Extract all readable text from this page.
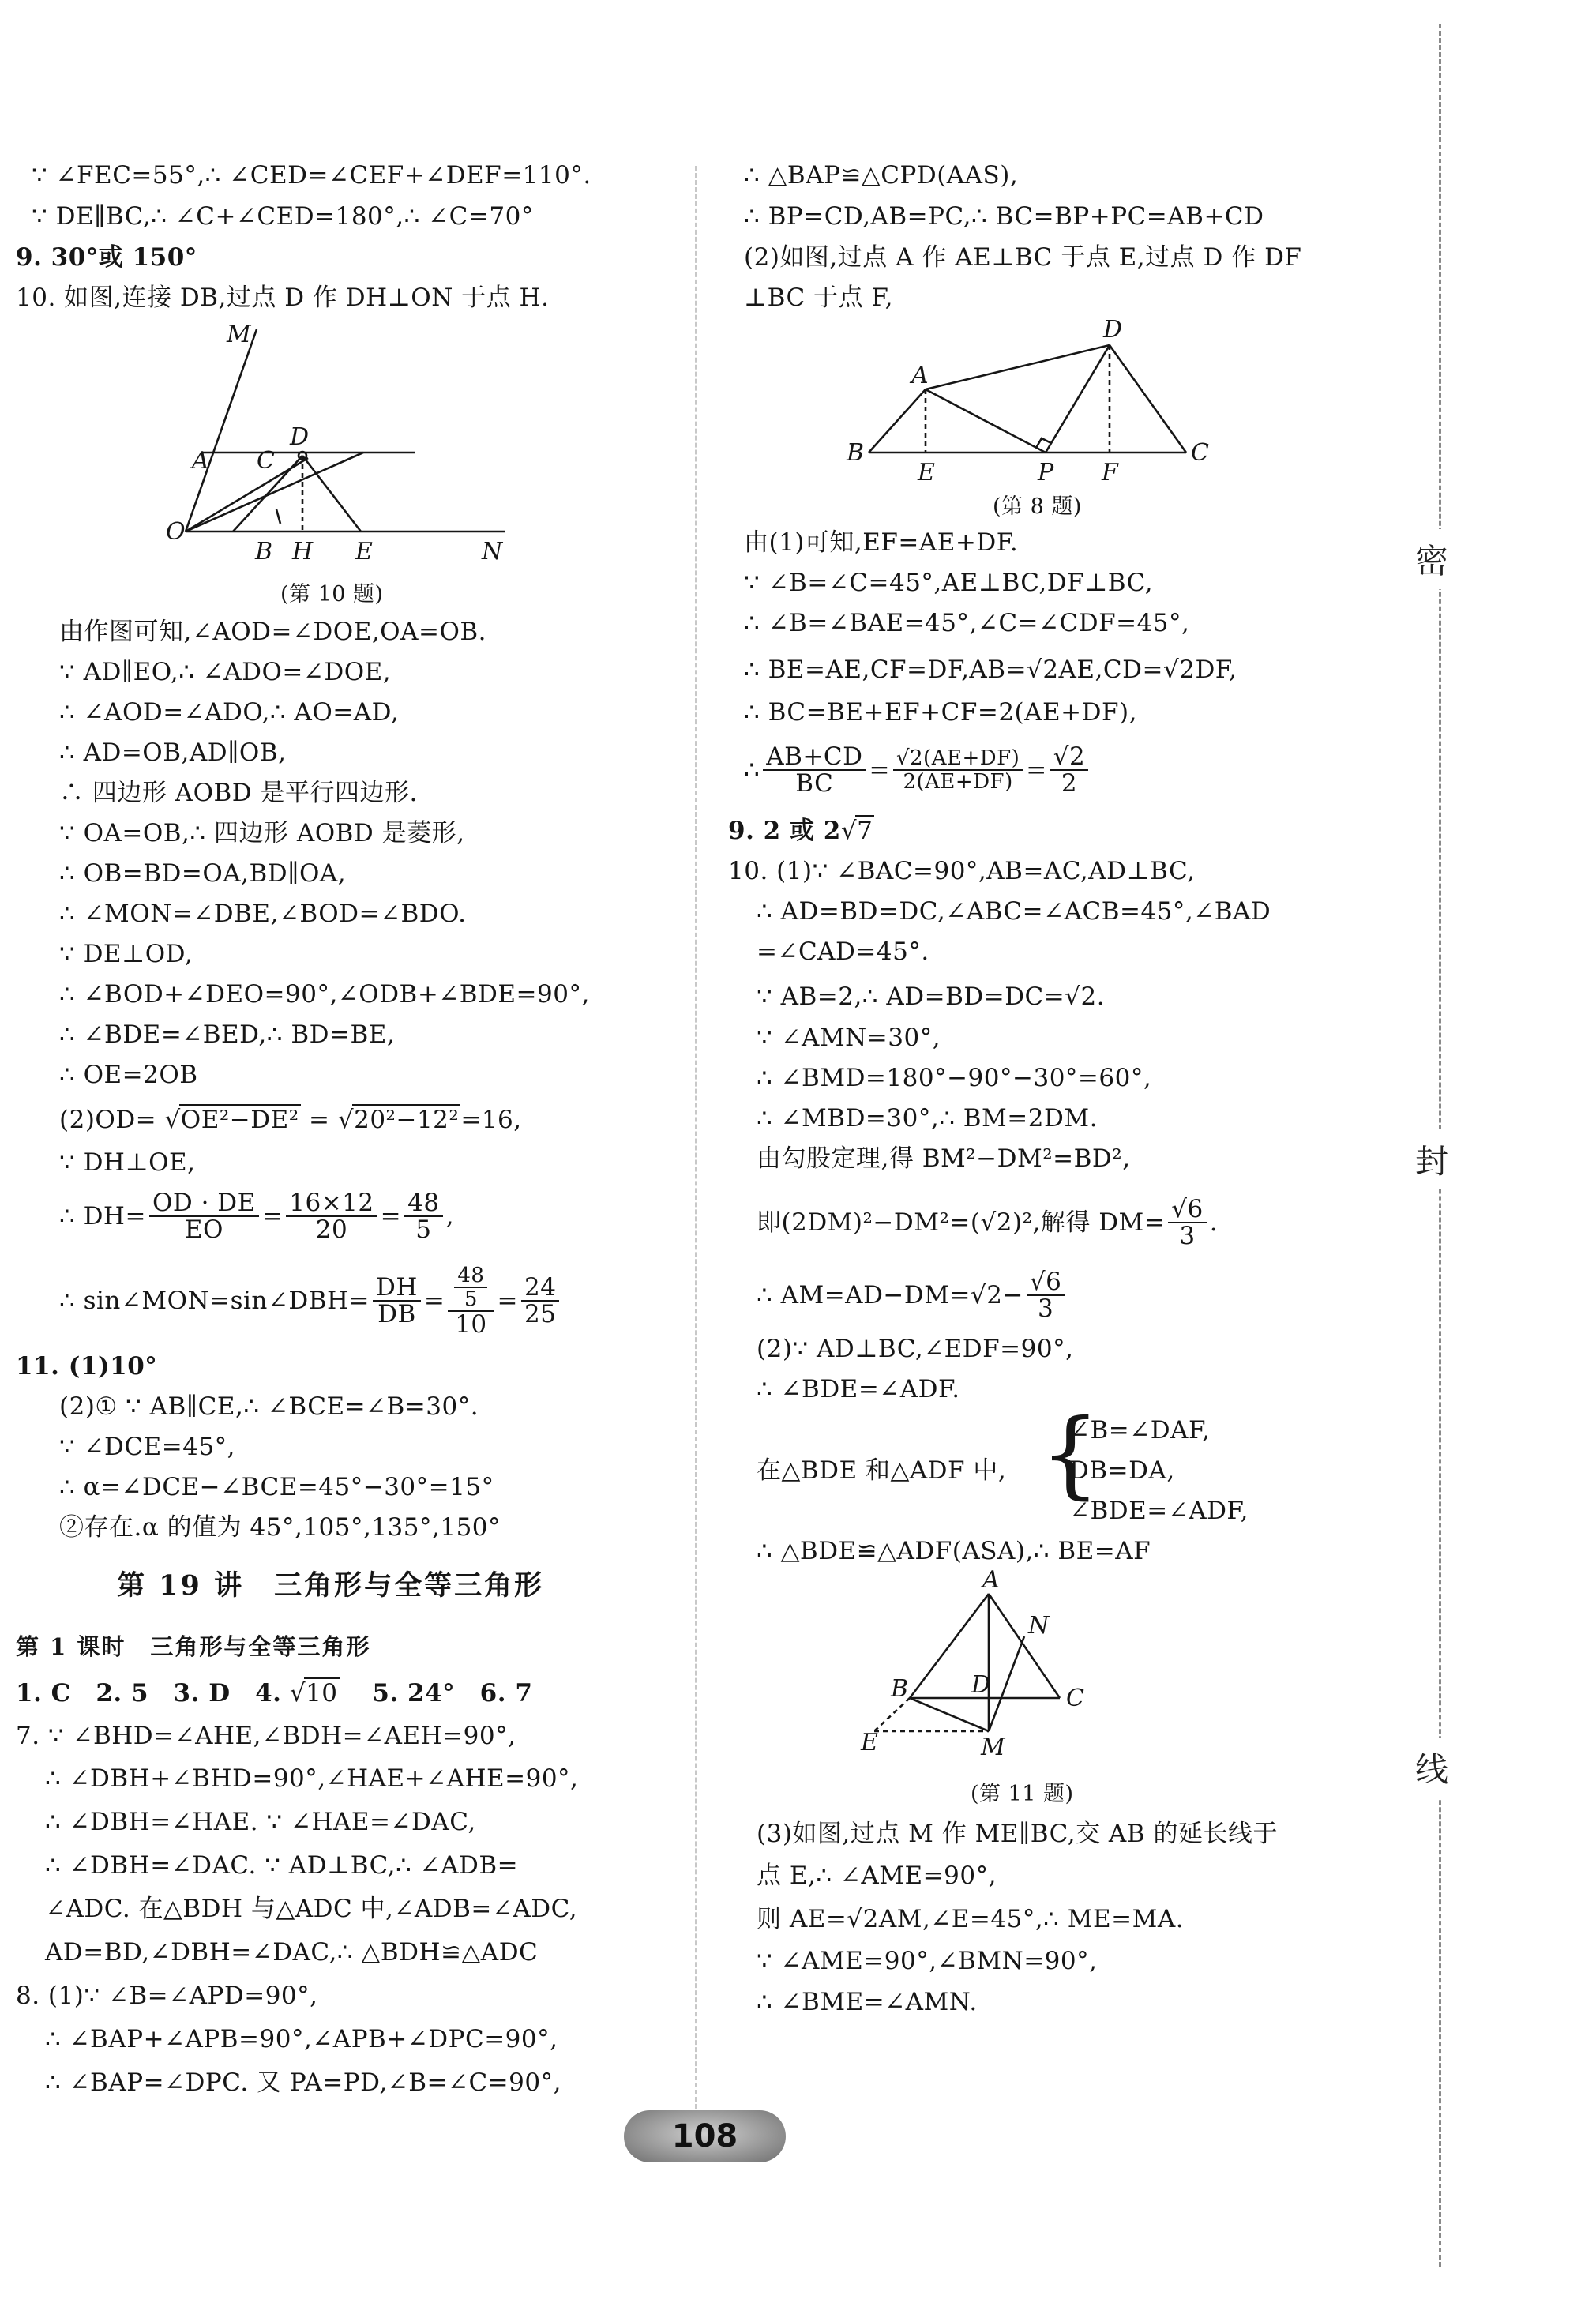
∵ ∠FEC=55°,∴ ∠CED=∠CEF+∠DEF=110°.
∵ DE∥BC,∴ ∠C+∠CED=180°,∴ ∠C=70°
9. 30°或 150°
10. 如图,连接 DB,过点 D 作 DH⊥ON 于点 H.
M
A C
D
O
B H E	N
(第 10 题)
由作图可知,∠AOD=∠DOE,OA=OB.
∵ AD∥EO,∴ ∠ADO=∠DOE,
∴ ∠AOD=∠ADO,∴ AO=AD,
∴ AD=OB,AD∥OB,
∴ 四边形 AOBD 是平行四边形.
∵ OA=OB,∴ 四边形 AOBD 是菱形,
∴ OB=BD=OA,BD∥OA,
∴ ∠MON=∠DBE,∠BOD=∠BDO.
∵ DE⊥OD,
∴ ∠BOD+∠DEO=90°,∠ODB+∠BDE=90°,
∴ ∠BDE=∠BED,∴ BD=BE,
∴ OE=2OB
(2)OD= √OE²−DE² = √20²−12²=16,
∵ DH⊥OE,
∴ $DH= \frac{OD \cdot DE}{EO} = \frac{16\times 12}{20} = \frac{48}{5}$ ,
∴ sin∠MON=sin∠DBH= $\frac{DH}{DB} = \frac{\frac{48}{5}}{10} = \frac{24}{25}$
11. (1)10°
(2)① ∵ AB∥CE,∴ ∠BCE=∠B=30°.
∵ ∠DCE=45°,
∴ α=∠DCE−∠BCE=45°−30°=15°
②存在.α 的值为 45°,105°,135°,150°
第 19 讲　三角形与全等三角形
第 1 课时　三角形与全等三角形
1. C　2. 5　3. D　4. √10 　 5. 24°　6. 7
7. ∵ ∠BHD=∠AHE,∠BDH=∠AEH=90°,
∴ ∠DBH+∠BHD=90°,∠HAE+∠AHE=90°,
∴ ∠DBH=∠HAE. ∵ ∠HAE=∠DAC,
∴ ∠DBH=∠DAC. ∵ AD⊥BC,∴ ∠ADB=
∠ADC. 在△BDH 与△ADC 中,∠ADB=∠ADC,
AD=BD,∠DBH=∠DAC,∴ △BDH≌△ADC
8. (1)∵ ∠B=∠APD=90°,
∴ ∠BAP+∠APB=90°,∠APB+∠DPC=90°,
∴ ∠BAP=∠DPC. 又 PA=PD,∠B=∠C=90°,
∴ △BAP≌△CPD(AAS),
∴ BP=CD,AB=PC,∴ BC=BP+PC=AB+CD
(2)如图,过点 A 作 AE⊥BC 于点 E,过点 D 作 DF
⊥BC 于点 F,
A
D
B
E	P F
C
(第 8 题)
由(1)可知,EF=AE+DF.
∵ ∠B=∠C=45°,AE⊥BC,DF⊥BC,
∴ ∠B=∠BAE=45°,∠C=∠CDF=45°,
∴ BE=AE,CF=DF,AB=√2AE,CD=√2DF,
∴ BC=BE+EF+CF=2(AE+DF),
∴ $\frac{AB+CD}{BC} = \frac{√2(AE+DF)}{2(AE+DF)} = \frac{√2}{2}$
9. 2 或 2√7
10. (1)∵ ∠BAC=90°,AB=AC,AD⊥BC,
∴ AD=BD=DC,∠ABC=∠ACB=45°,∠BAD
=∠CAD=45°.
∵ AB=2,∴ AD=BD=DC=√2.
∵ ∠AMN=30°,
∴ ∠BMD=180°−90°−30°=60°,
∴ ∠MBD=30°,∴ BM=2DM.
由勾股定理,得 BM²−DM²=BD²,
即(2DM)²−DM²=(√2)²,解得 $DM= \frac{√6}{3}$ .
∴ $AM=AD-DM=√2- \frac{√6}{3}$
(2)∵ AD⊥BC,∠EDF=90°,
∴ ∠BDE=∠ADF.
在△BDE 和△ADF 中, {
∠B=∠DAF,
DB=DA,
∠BDE=∠ADF,
∴ △BDE≌△ADF(ASA),∴ BE=AF
A
N
B	D	C
E	M
(第 11 题)
(3)如图,过点 M 作 ME∥BC,交 AB 的延长线于
点 E,∴ ∠AME=90°,
则 AE=√2AM,∠E=45°,∴ ME=MA.
∵ ∠AME=90°,∠BMN=90°,
∴ ∠BME=∠AMN.
密
封
线
108
